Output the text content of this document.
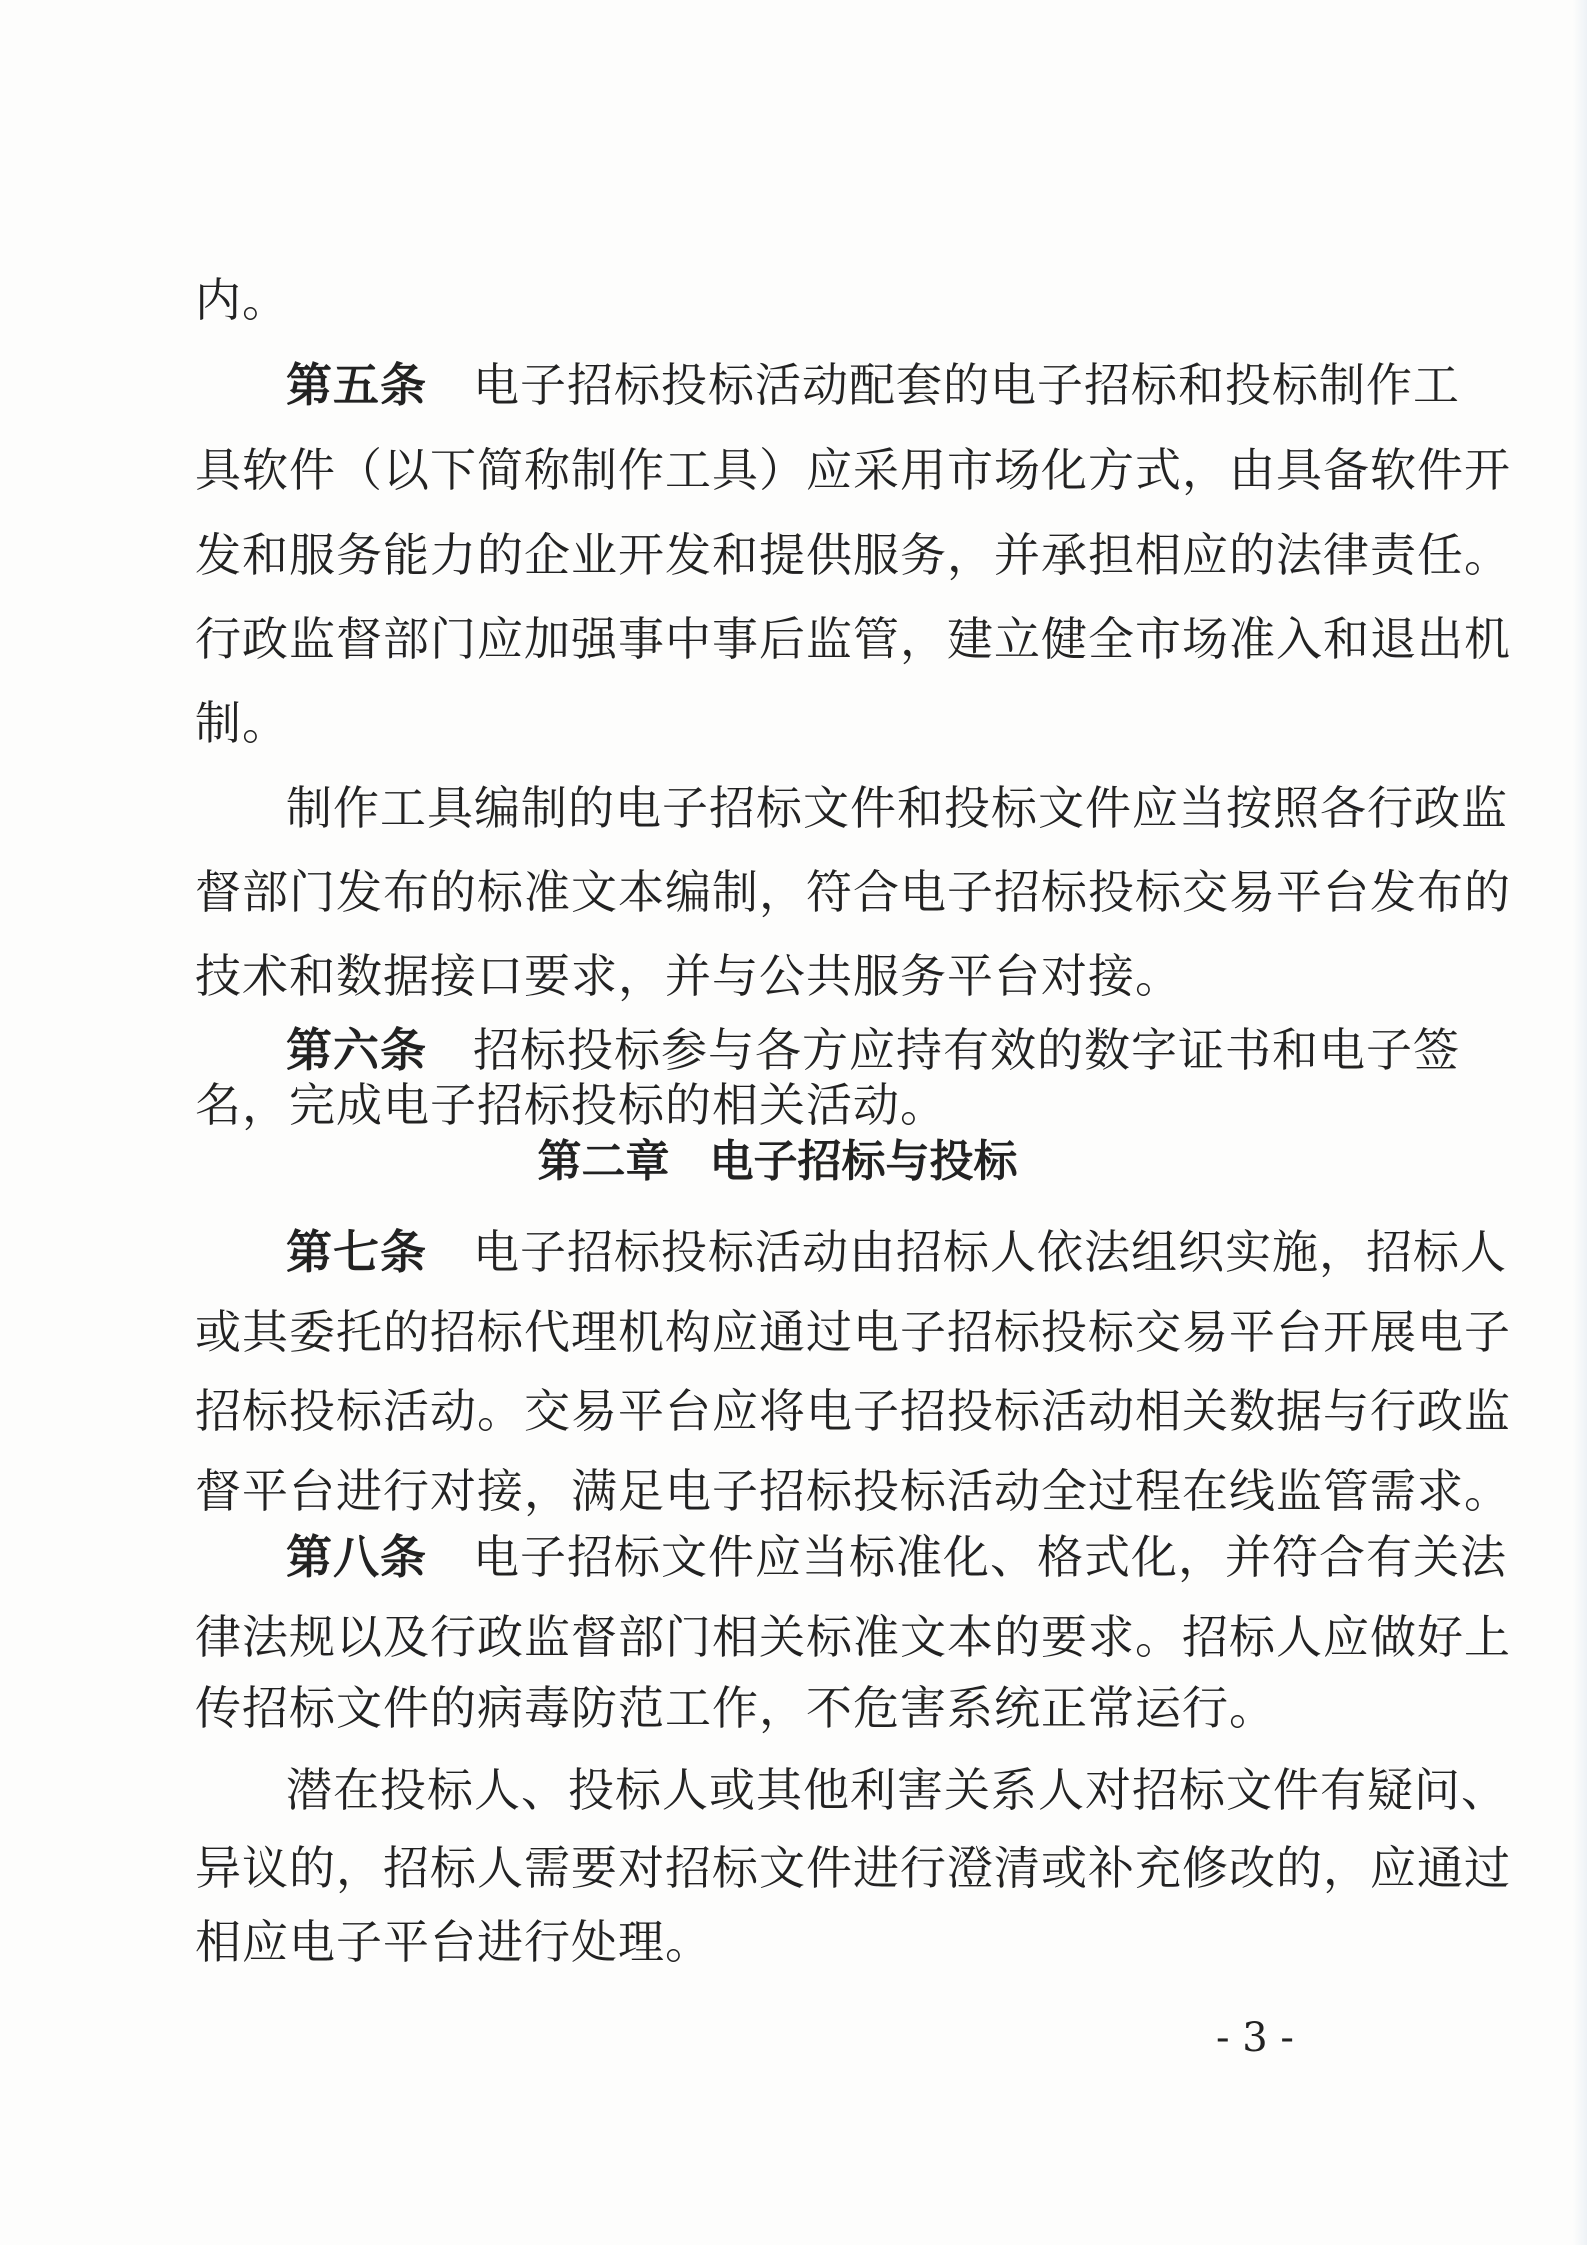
内。
第五条 电子招标投标活动配套的电子招标和投标制作工
具软件（以下简称制作工具）应采用市场化方式，由具备软件开
发和服务能力的企业开发和提供服务，并承担相应的法律责任。
行政监督部门应加强事中事后监管，建立健全市场准入和退出机
制。
制作工具编制的电子招标文件和投标文件应当按照各行政监
督部门发布的标准文本编制，符合电子招标投标交易平台发布的
技术和数据接口要求，并与公共服务平台对接。
第六条 招标投标参与各方应持有效的数字证书和电子签
名，完成电子招标投标的相关活动。
第二章 电子招标与投标
第七条 电子招标投标活动由招标人依法组织实施，招标人
或其委托的招标代理机构应通过电子招标投标交易平台开展电子
招标投标活动。交易平台应将电子招投标活动相关数据与行政监
督平台进行对接，满足电子招标投标活动全过程在线监管需求。
第八条 电子招标文件应当标准化、格式化，并符合有关法
律法规以及行政监督部门相关标准文本的要求。招标人应做好上
传招标文件的病毒防范工作，不危害系统正常运行。
潜在投标人、投标人或其他利害关系人对招标文件有疑问、
异议的，招标人需要对招标文件进行澄清或补充修改的，应通过
相应电子平台进行处理。
- 3 -
